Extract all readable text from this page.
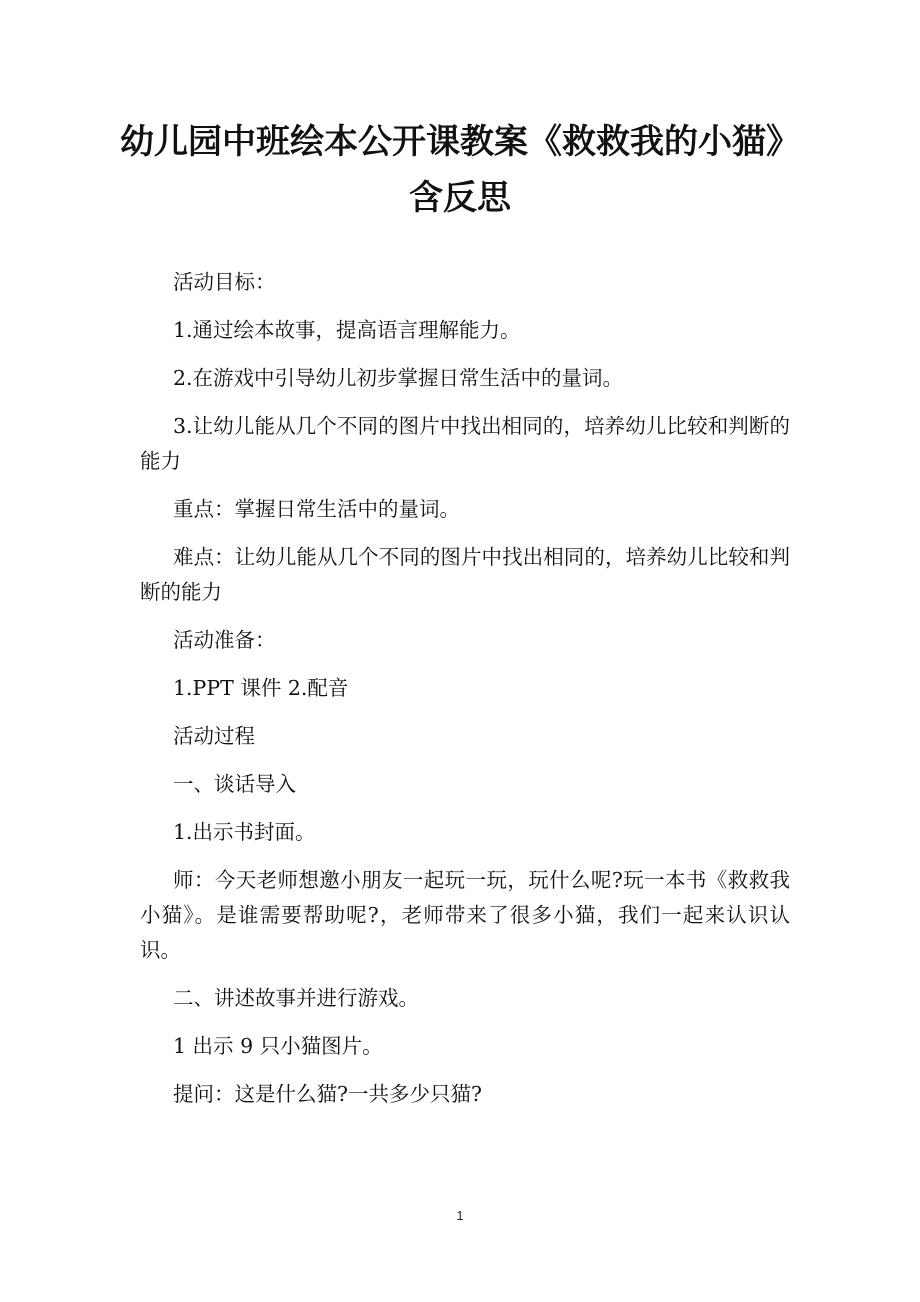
幼儿园中班绘本公开课教案《救救我的小猫》
含反思

活动目标：

1.通过绘本故事，提高语言理解能力。

2.在游戏中引导幼儿初步掌握日常生活中的量词。

3.让幼儿能从几个不同的图片中找出相同的，培养幼儿比较和判断的能力

重点：掌握日常生活中的量词。

难点：让幼儿能从几个不同的图片中找出相同的，培养幼儿比较和判断的能力

活动准备：

1.PPT 课件 2.配音

活动过程

一、谈话导入

1.出示书封面。

师：今天老师想邀小朋友一起玩一玩，玩什么呢?玩一本书《救救我小猫》。是谁需要帮助呢?，老师带来了很多小猫，我们一起来认识认识。

二、讲述故事并进行游戏。

1 出示 9 只小猫图片。

提问：这是什么猫?一共多少只猫?

1
